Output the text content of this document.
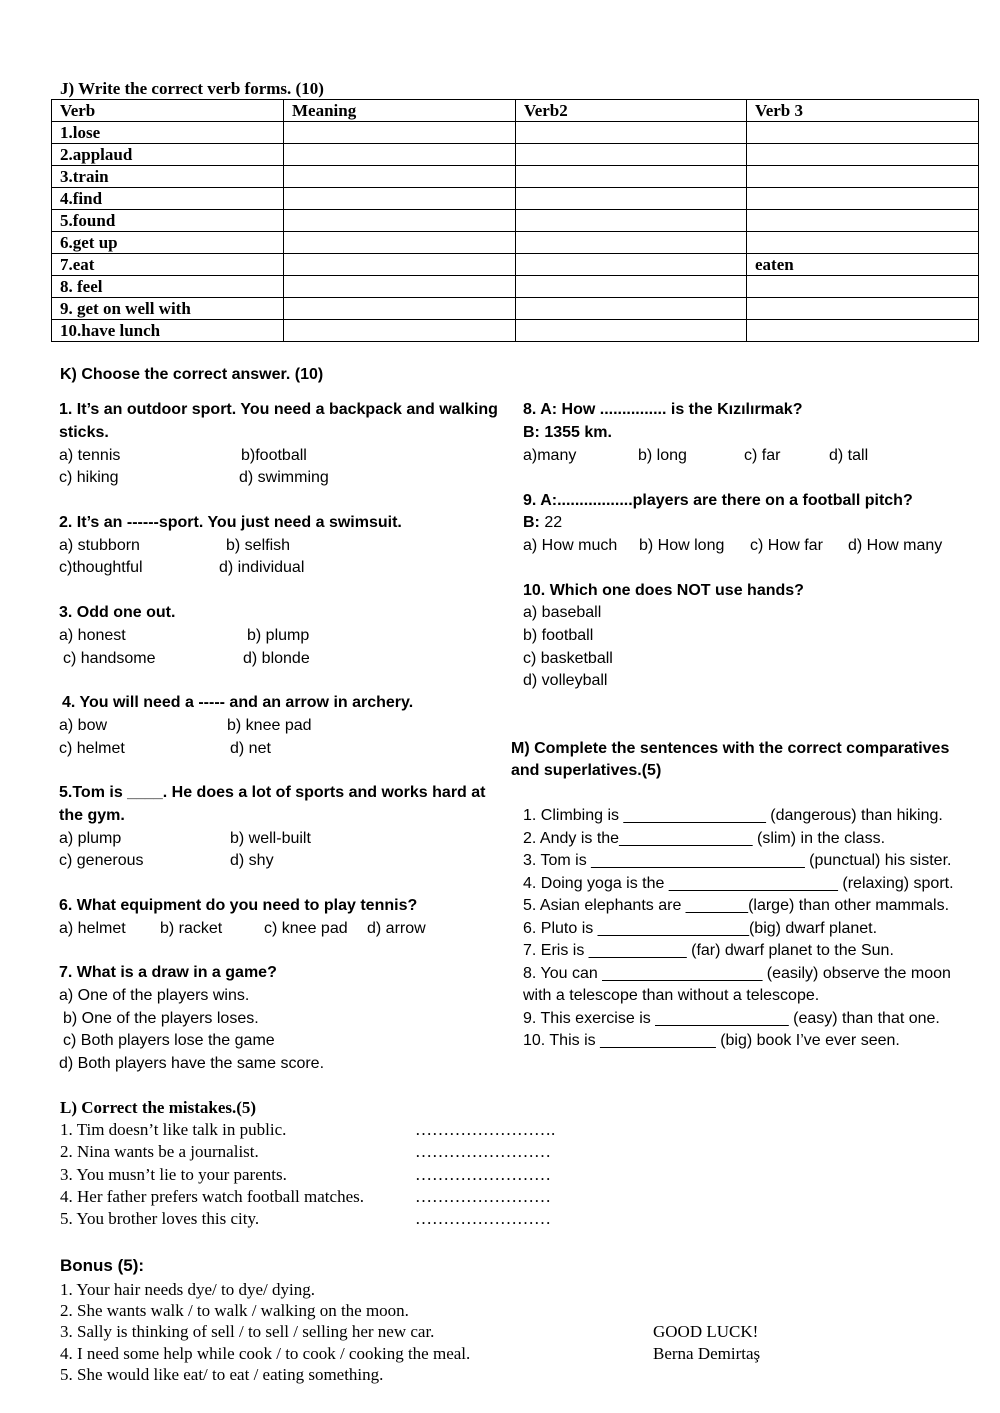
J) Write the correct verb forms. (10)
Verb	Meaning	Verb2	Verb 3
1.lose			
2.applaud			
3.train			
4.find			
5.found			
6.get up			
7.eat			eaten
8. feel			
9. get on well with			
10.have lunch			
K) Choose the correct answer. (10)
1. It’s an outdoor sport. You need a backpack and walking
sticks.
a) tennis	b)football
c) hiking	d) swimming
2. It’s an ------sport. You just need a swimsuit.
a) stubborn	b) selfish
c)thoughtful	d) individual
3. Odd one out.
a) honest	b) plump
c) handsome	d) blonde
4. You will need a ----- and an arrow in archery.
a) bow	b) knee pad
c) helmet	d) net
5.Tom is ____. He does a lot of sports and works hard at
the gym.
a) plump	b) well-built
c) generous	d) shy
6. What equipment do you need to play tennis?
a) helmet b) racket	c) knee pad d) arrow
7. What is a draw in a game?
a) One of the players wins.
b) One of the players loses.
c) Both players lose the game
d) Both players have the same score.
8. A: How ............... is the Kızılırmak?
B: 1355 km.
a)many	b) long	c) far	d) tall
9. A:.................players are there on a football pitch?
B: 22
a) How much b) How long c) How far d) How many
10. Which one does NOT use hands?
a) baseball
b) football
c) basketball
d) volleyball
M) Complete the sentences with the correct comparatives
and superlatives.(5)
1. Climbing is ________________ (dangerous) than hiking.
2. Andy is the_______________ (slim) in the class.
3. Tom is ________________________ (punctual) his sister.
4. Doing yoga is the ___________________ (relaxing) sport.
5. Asian elephants are _______(large) than other mammals.
6. Pluto is _________________(big) dwarf planet.
7. Eris is ___________ (far) dwarf planet to the Sun.
8. You can __________________ (easily) observe the moon
with a telescope than without a telescope.
9. This exercise is _______________ (easy) than that one.
10. This is _____________ (big) book I’ve ever seen.
L) Correct the mistakes.(5)
1. Tim doesn’t like talk in public.	…………………….
2. Nina wants be a journalist.	……………………
3. You musn’t lie to your parents.	……………………
4. Her father prefers watch football matches.	……………………
5. You brother loves this city.	……………………
Bonus (5):
1. Your hair needs dye/ to dye/ dying.
2. She wants walk / to walk / walking on the moon.
3. Sally is thinking of sell / to sell / selling her new car.
4. I need some help while cook / to cook / cooking the meal.
5. She would like eat/ to eat / eating something.
GOOD LUCK!
Berna Demirtaş
